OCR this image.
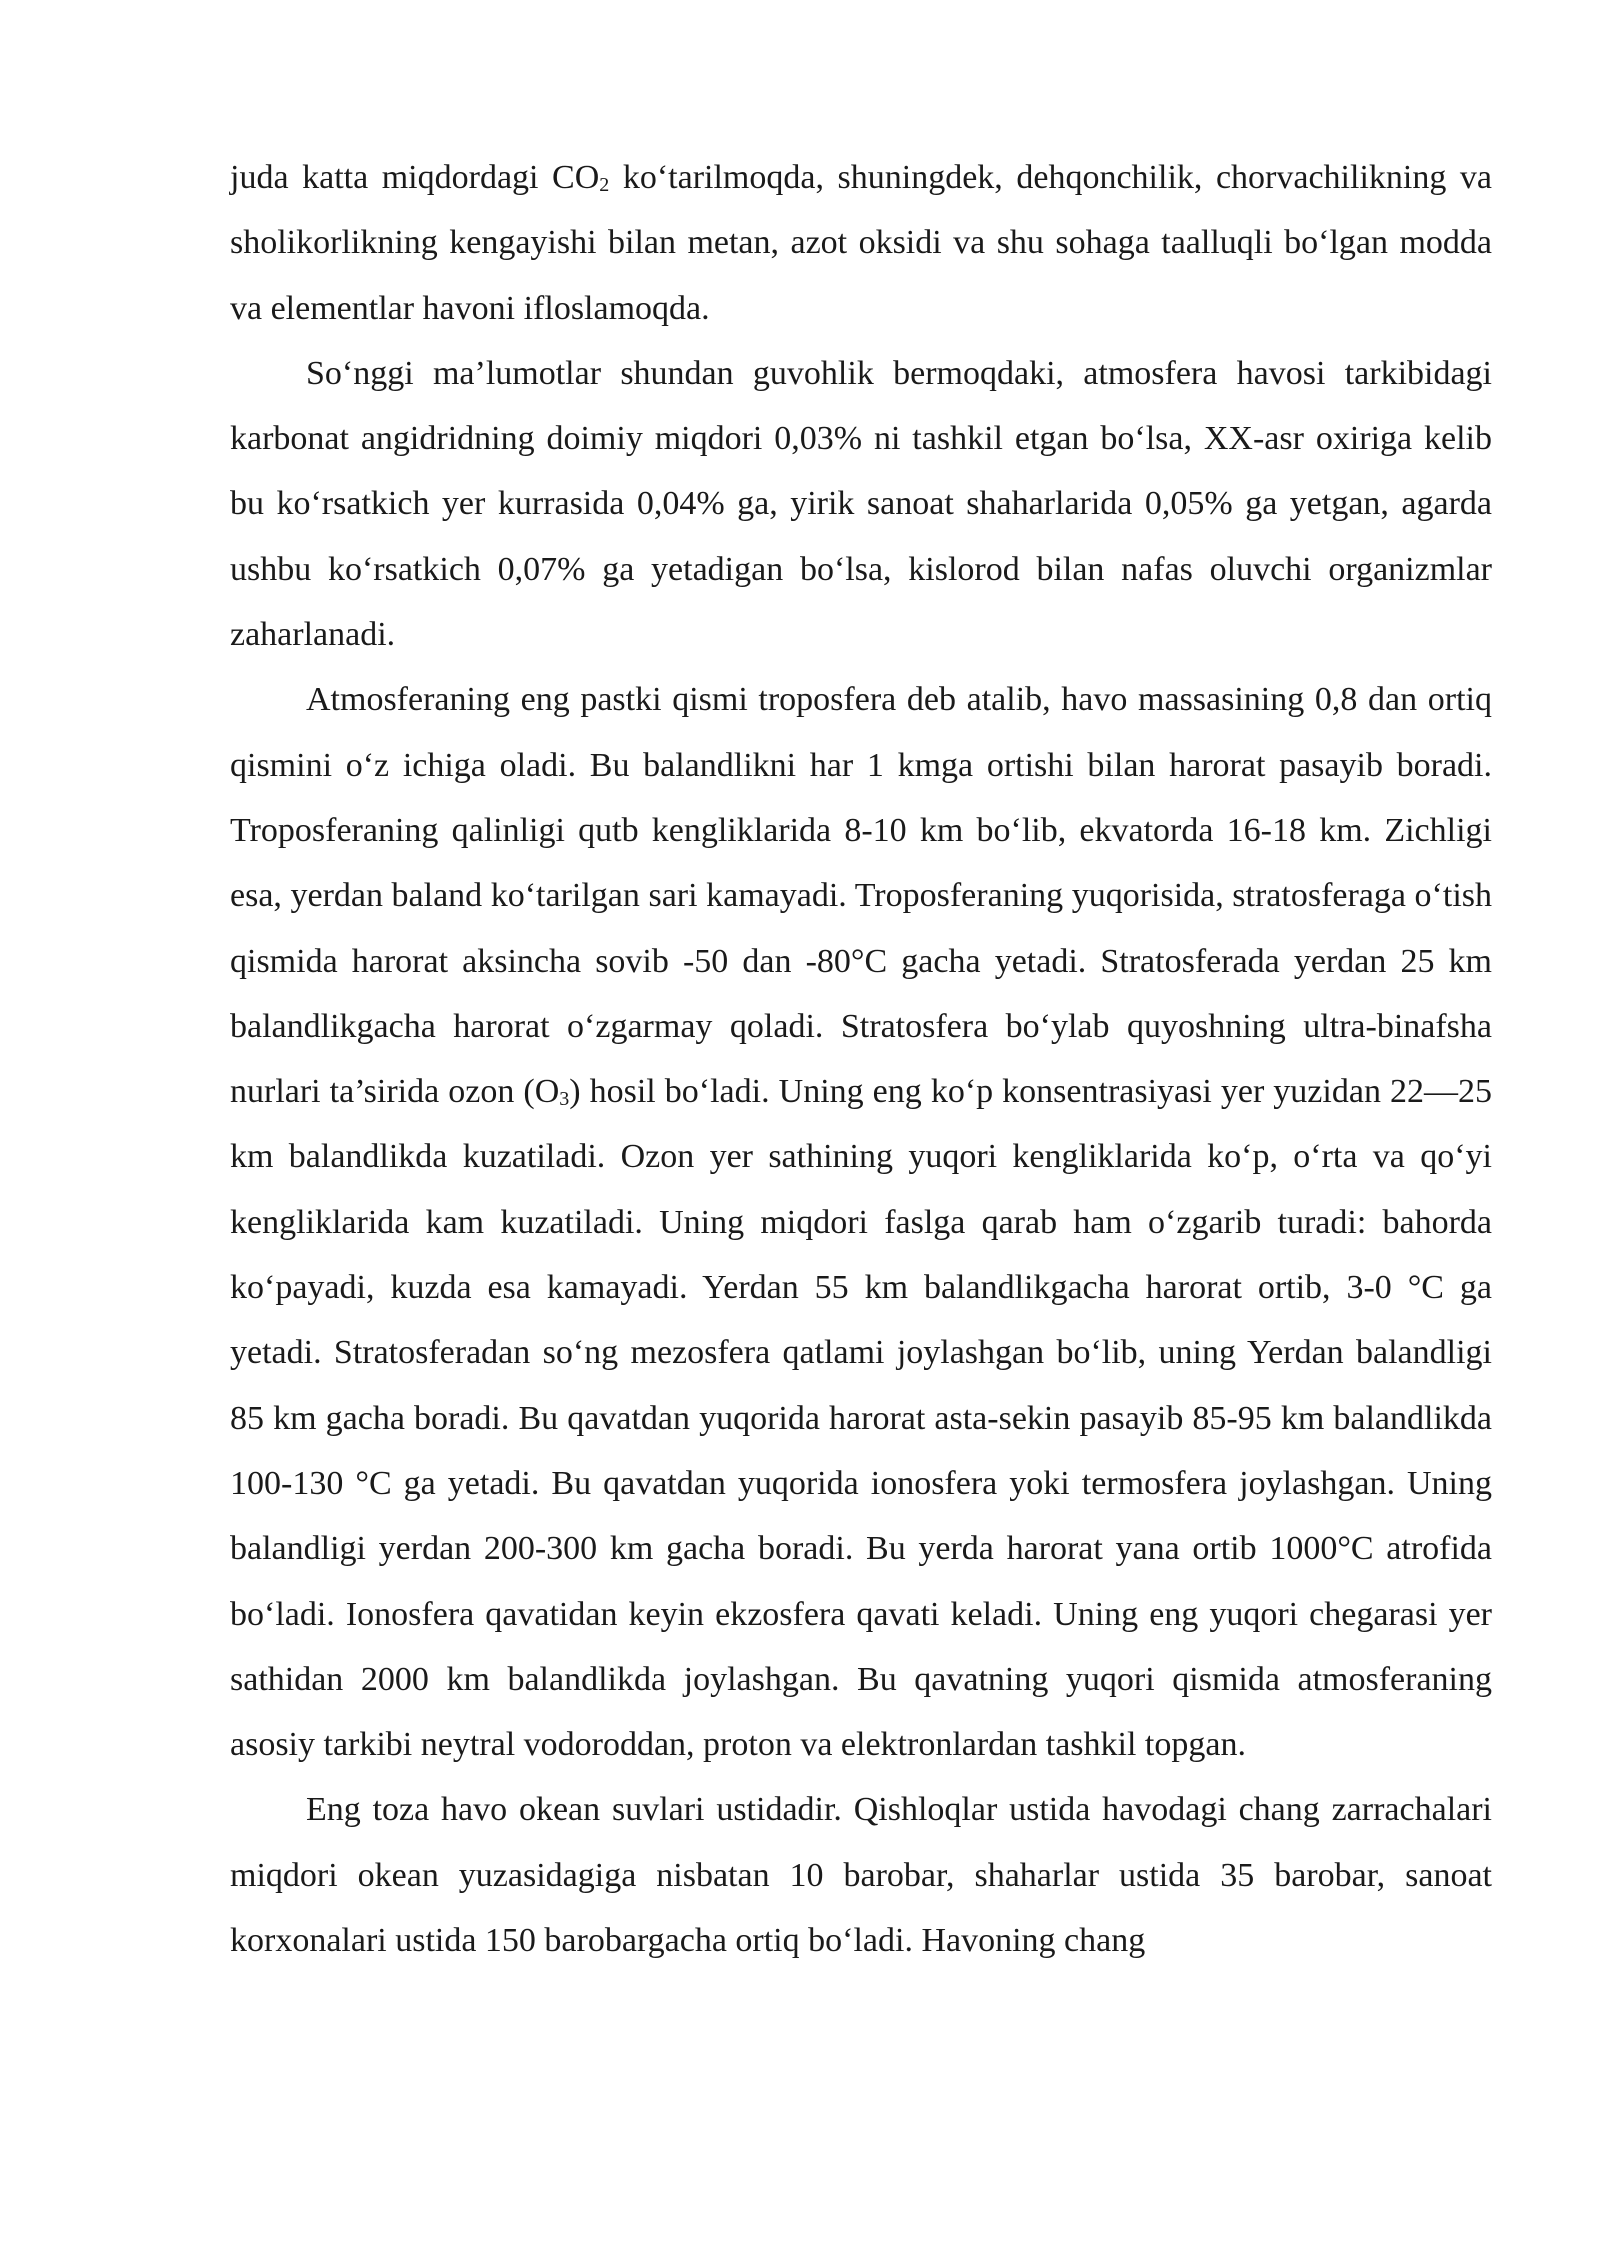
juda katta miqdordagi $CO_2$ ko‘tarilmoqda, shuningdek, dehqonchilik, chorvachilikning va sholikorlikning kengayishi bilan metan, azot oksidi va shu sohaga taalluqli bo‘lgan modda va elementlar havoni ifloslamoqda.

So‘nggi ma’lumotlar shundan guvohlik bermoqdaki, atmosfera havosi tarkibidagi karbonat angidridning doimiy miqdori 0,03% ni tashkil etgan bo‘lsa, XX-asr oxiriga kelib bu ko‘rsatkich yer kurrasida 0,04% ga, yirik sanoat shaharlarida 0,05% ga yetgan, agarda ushbu ko‘rsatkich 0,07% ga yetadigan bo‘lsa, kislorod bilan nafas oluvchi organizmlar zaharlanadi.

Atmosferaning eng pastki qismi troposfera deb atalib, havo massasining 0,8 dan ortiq qismini o‘z ichiga oladi. Bu balandlikni har 1 kmga ortishi bilan harorat pasayib boradi. Troposferaning qalinligi qutb kengliklarida 8-10 km bo‘lib, ekvatorda 16-18 km. Zichligi esa, yerdan baland ko‘tarilgan sari kamayadi. Troposferaning yuqorisida, stratosferaga o‘tish qismida harorat aksincha sovib -50 dan -80°C gacha yetadi. Stratosferada yerdan 25 km balandlikgacha harorat o‘zgarmay qoladi. Stratosfera bo‘ylab quyoshning ultra-binafsha nurlari ta’sirida ozon $(O_3)$ hosil bo‘ladi. Uning eng ko‘p konsentrasiyasi yer yuzidan 22—25 km balandlikda kuzatiladi. Ozon yer sathining yuqori kengliklarida ko‘p, o‘rta va qo‘yi kengliklarida kam kuzatiladi. Uning miqdori faslga qarab ham o‘zgarib turadi: bahorda ko‘payadi, kuzda esa kamayadi. Yerdan 55 km balandlikgacha harorat ortib, 3-0 °C ga yetadi. Stratosferadan so‘ng mezosfera qatlami joylashgan bo‘lib, uning Yerdan balandligi 85 km gacha boradi. Bu qavatdan yuqorida harorat asta-sekin pasayib 85-95 km balandlikda 100-130 °C ga yetadi. Bu qavatdan yuqorida ionosfera yoki termosfera joylashgan. Uning balandligi yerdan 200-300 km gacha boradi. Bu yerda harorat yana ortib 1000°C atrofida bo‘ladi. Ionosfera qavatidan keyin ekzosfera qavati keladi. Uning eng yuqori chegarasi yer sathidan 2000 km balandlikda joylashgan. Bu qavatning yuqori qismida atmosferaning asosiy tarkibi neytral vodoroddan, proton va elektronlardan tashkil topgan.

Eng toza havo okean suvlari ustidadir. Qishloqlar ustida havodagi chang zarrachalari miqdori okean yuzasidagiga nisbatan 10 barobar, shaharlar ustida 35 barobar, sanoat korxonalari ustida 150 barobargacha ortiq bo‘ladi. Havoning chang
